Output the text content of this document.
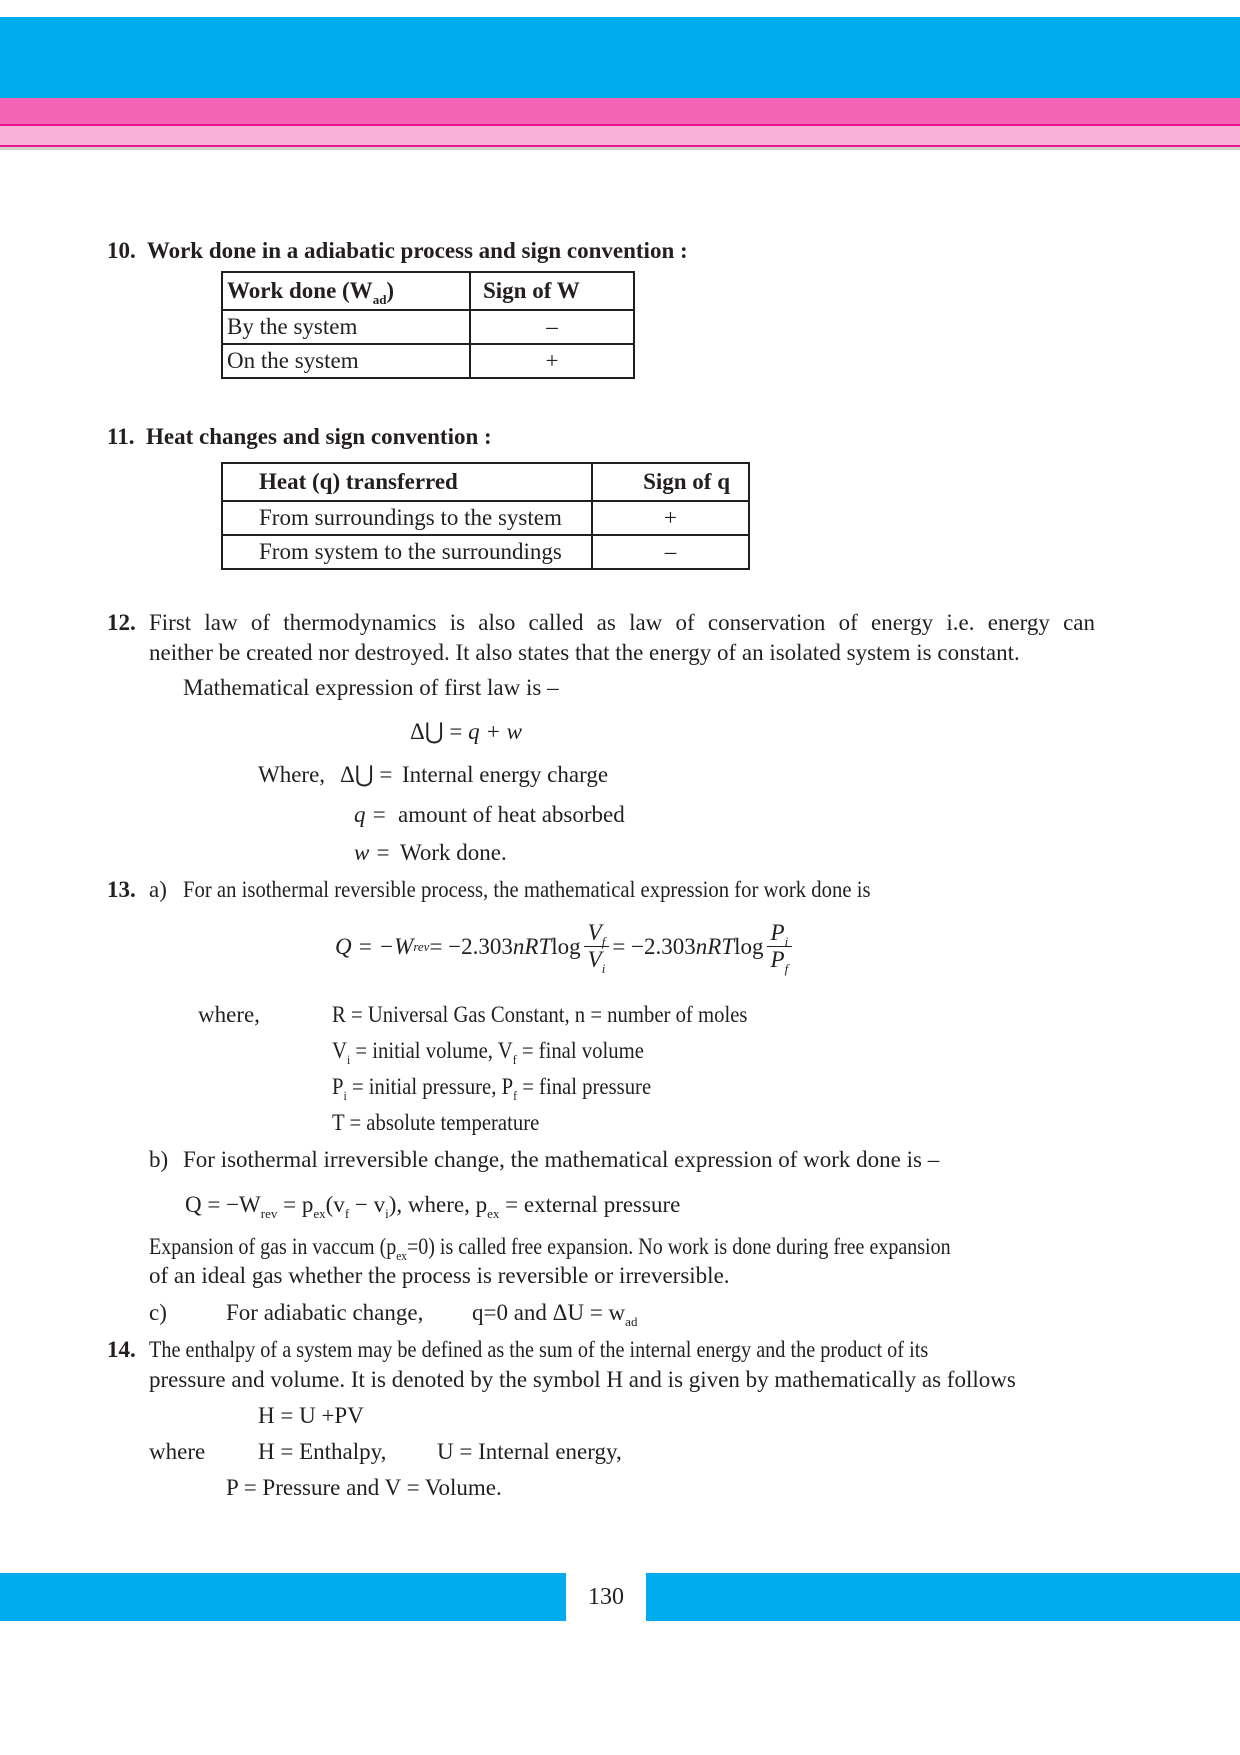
10. Work done in a adiabatic process and sign convention :
Work done $(W_{ad})$	Sign of W
By the system	–
On the system	+
11. Heat changes and sign convention :
Heat (q) transferred	Sign of q
From surroundings to the system	+
From system to the surroundings	–
12. First law of thermodynamics is also called as law of conservation of energy i.e. energy can
neither be created nor destroyed. It also states that the energy of an isolated system is constant.
Mathematical expression of first law is –
Δ⋃ = q + w
Where, Δ⋃ = Internal energy charge
q = amount of heat absorbed
w = Work done.
13. a) For an isothermal reversible process, the mathematical expression for work done is
Q = −W rev = −2.303 nRT $\log \frac{V_f}{V_i} = -2.303$ nRT $\log \frac{P_i}{P_f}$
where,	R = Universal Gas Constant, n = number of moles
$V_i$ = initial volume, $V_f$ = final volume
$P_i$ = initial pressure, $P_f$ = final pressure
T = absolute temperature
b) For isothermal irreversible change, the mathematical expression of work done is –
$Q = -W_{rev} = p_{ex}(v_f - v_i)$, where, $p_{ex}$ = external pressure
Expansion of gas in vaccum $(p_{ex}=0)$ is called free expansion. No work is done during free expansion
of an ideal gas whether the process is reversible or irreversible.
c)	For adiabatic change, q=0 and $\Delta U = w_{ad}$
14. The enthalpy of a system may be defined as the sum of the internal energy and the product of its
pressure and volume. It is denoted by the symbol H and is given by mathematically as follows
H = U +PV
where H = Enthalpy, U = Internal energy,
P = Pressure and V = Volume.
130
